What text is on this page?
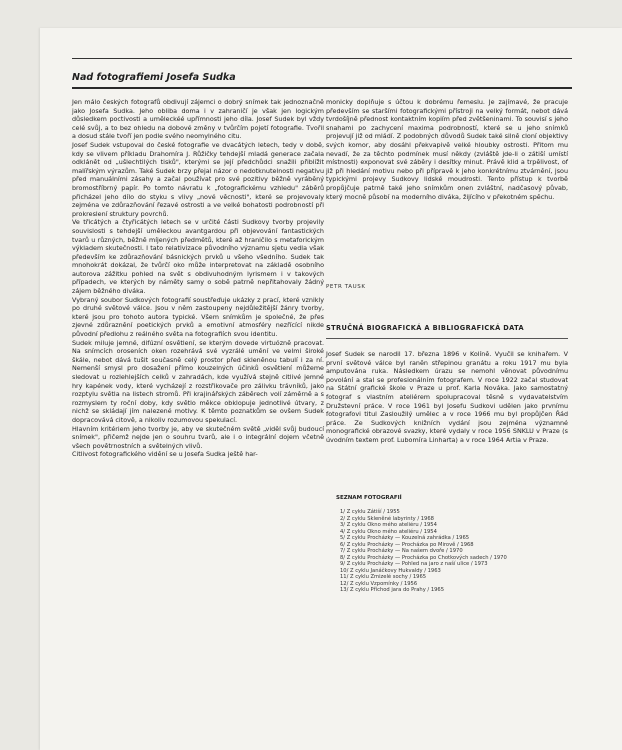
Nad fotografiemi Josefa Sudka

Jen málo českých fotografů obdivují zájemci o dobrý snímek tak jednoznačně jako Josefa Sudka. Jeho obliba doma i v zahraničí je však jen logickým důsledkem poctivosti a uměleckéé upřímnosti jeho díla. Josef Sudek byl vždy celé svůj, a to bez ohledu na dobové změny v tvůrčím pojetí fotografie. Tvořil a dosud stále tvoří jen podle svého neomylného citu.

Josef Sudek vstupoval do české fotografie ve dvacátých letech, tedy v době, kdy se vlivem příkladu Drahomíra J. Růžičky tehdejší mladá generace začala odklánět od „ušlechtilých tisků", kterými se její předchůdci snažili přiblížit malířským výrazům. Také Sudek brzy přejal názor o nedotknutelnosti negativu před manuálními zásahy a začal používat pro své pozitivy běžně vyráběný bromostříbrný papír. Po tomto návratu k „fotografickému vzhledu" záběrů přicházel jeho dílo do styku s vlivy „nové věcnosti", které se projevovaly zejména ve zdůrazňování řezavé ostrosti a ve velké bohatosti podrobností při prokreslení struktury povrchů.

Ve třicátých a čtyřicátých letech se v určité části Sudkovy tvorby projevily souvislosti s tehdejší uměleckou avantgardou při objevování fantastických tvarů u různých, běžně míjených předmětů, které až hraničilo s metaforickým výkladem skutečnosti. I tato relativizace původního významu sjetu vedla však především ke zdůrazňování básnických prvků u všeho všedního. Sudek tak mnohokrát dokázal, že tvůrčí oko může interpretovat na základě osobního autorova zážitku pohled na svět s obdivuhodným lyrismem i v takových případech, ve kterých by náměty samy o sobě patrně nepřitahovaly žádný zájem běžného diváka.

Vybraný soubor Sudkových fotografií soustřeďuje ukázky z prací, které vznikly po druhé světové válce. Jsou v něm zastoupeny nejdůležitější žánry tvorby, které jsou pro tohoto autora typické. Všem snímkům je společné, že přes zjevné zdůraznění poetických prvků a emotivní atmosféry nezřícící nikde původní předlohu z reálného světa na fotografiích svou identitu.

Sudek miluje jemné, difúzní osvětlení, se kterým dovede virtuózně pracovat. Na snímcích oroseních oken rozehrává své vyzrálé umění ve velmi široké škále, nebot dává tušit současně celý prostor před skleněnou tabulí i za ní. Nemenší smysl pro dosažení přímo kouzelných účinků osvětlení můžeme sledovat u rozlehlejších celků v zahradách, kde využívá stejně citlivé jemné hry kapének vody, které vycházejí z rozstřikovače pro zálivku trávníků, jako rozptylu světla na listech stromů. Při krajinářských záběrech volí záměrně a s rozmyslem ty roční doby, kdy světlo měkce obklopuje jednotlivé útvary, z nichž se skládají jím nalezené motivy. K těmto poznatkům se ovšem Sudek dopracovává citově, a nikoliv rozumovou spekulací.

Hlavním kritériem jeho tvorby je, aby ve skutečném světě „viděl svůj budoucí snímek", přičemž nejde jen o souhru tvarů, ale i o integrální dojem včetně všech povětrnostních a světelných vlivů.

Citlivost fotografického vidění se u Josefa Sudka ještě har-

monicky doplňuje s účtou k dobrému řemeslu. Je zajímavé, že pracuje především se staršími fotografickými přístroji na velký formát, nebot dává tvrdošíjně přednost kontaktním kopiím před zvětšeninami. To souvisí s jeho snahami po zachycení maxima podrobností, které se u jeho snímků projevují již od mládí. Z podobných důvodů Sudek také silně cloní objektivy svých komor, aby dosáhl překvapivě velké hloubky ostrosti. Přitom mu nevadí, že za těchto podmínek musí někdy (zvláště jde-li o zátiší umístí místnosti) exponovat své záběry i desítky minut. Právě klid a trpělivost, of již při hledání motivu nebo při přípravě k jeho konkrétnímu ztvárnění, jsou typickými projevy Sudkovy lidské moudrosti. Tento přístup k tvorbě propůjčuje patrně také jeho snímkům onen zvláštní, nadčasový půvab, který mocně působí na moderního diváka, žijícího v překotném spěchu.

PETR TAUSK
STRUČNÁ BIOGRAFICKÁ A BIBLIOGRAFICKÁ DATA

Josef Sudek se narodil 17. března 1896 v Kolíně. Vyučil se knihařem. V první světové válce byl raněn střepinou granátu a roku 1917 mu byla amputována ruka. Následkem úrazu se nemohl věnovat původnímu povolání a stal se profesionálním fotografem. V roce 1922 začal studovat na Státní grafické škole v Praze u prof. Karla Nováka. Jako samostatný fotograf s vlastním ateliérem spolupracoval těsně s vydavatelstvím Družstevní práce. V roce 1961 byl Josefu Sudkovi udělen jako prvnímu fotografovi titul Zasloužilý umělec a v roce 1966 mu byl propůjčen Řád práce. Ze Sudkových knižních vydání jsou zejména významné monografické obrazové svazky, které vydaly v roce 1956 SNKLU v Praze (s úvodním textem prof. Lubomíra Linharta) a v roce 1964 Artia v Praze.

SEZNAM FOTOGRAFIÍ
1/ Z cyklu Zátiší / 1955
2/ Z cyklu Skleněné labyrinty / 1968
3/ Z cyklu Okno mého ateliéru / 1954
4/ Z cyklu Okno mého ateliéru / 1954
5/ Z cyklu Procházky — Kouzelná zahrádka / 1965
6/ Z cyklu Procházky — Procházka po Mirově / 1968
7/ Z cyklu Procházky — Na našem dvoře / 1970
8/ Z cyklu Procházky — Procházka po Chotkových sadech / 1970
9/ Z cyklu Procházky — Pohled na jaro z naší ulice / 1973
10/ Z cyklu Janáčkovy Hukvaldy / 1963
11/ Z cyklu Zmizelé sochy / 1965
12/ Z cyklu Vzpomínky / 1956
13/ Z cyklu Příchod jara do Prahy / 1965
